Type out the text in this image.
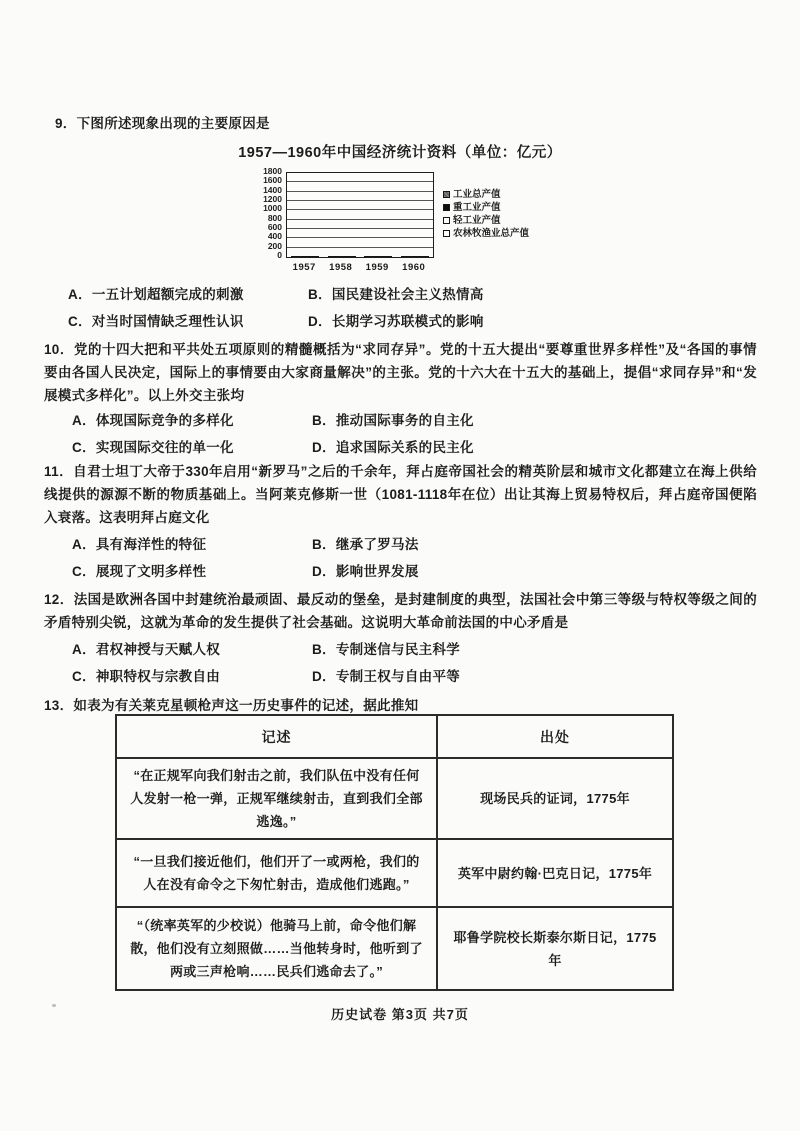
9．下图所述现象出现的主要原因是
1957—1960年中国经济统计资料（单位：亿元）
0
200
400
600
800
1000
1200
1400
1600
1800
1957 1958 1959 1960
工业总产值
重工业产值
轻工业产值
农林牧渔业总产值
A．一五计划超额完成的刺激	B．国民建设社会主义热情高
C．对当时国情缺乏理性认识	D．长期学习苏联模式的影响
10．党的十四大把和平共处五项原则的精髓概括为“求同存异”。党的十五大提出“要尊重世界多样性”及“各国的事情要由各国人民决定，国际上的事情要由大家商量解决”的主张。党的十六大在十五大的基础上，提倡“求同存异”和“发展模式多样化”。以上外交主张均
A．体现国际竞争的多样化	B．推动国际事务的自主化
C．实现国际交往的单一化	D．追求国际关系的民主化
11．自君士坦丁大帝于330年启用“新罗马”之后的千余年，拜占庭帝国社会的精英阶层和城市文化都建立在海上供给线提供的源源不断的物质基础上。当阿莱克修斯一世（1081-1118年在位）出让其海上贸易特权后，拜占庭帝国便陷入衰落。这表明拜占庭文化
A．具有海洋性的特征	B．继承了罗马法
C．展现了文明多样性	D．影响世界发展
12．法国是欧洲各国中封建统治最顽固、最反动的堡垒，是封建制度的典型，法国社会中第三等级与特权等级之间的矛盾特别尖锐，这就为革命的发生提供了社会基础。这说明大革命前法国的中心矛盾是
A．君权神授与天赋人权	B．专制迷信与民主科学
C．神职特权与宗教自由	D．专制王权与自由平等
13．如表为有关莱克星顿枪声这一历史事件的记述，据此推知
记述	出处
“在正规军向我们射击之前，我们队伍中没有任何人发射一枪一弹，正规军继续射击，直到我们全部逃逸。”	现场民兵的证词，1775年
“一旦我们接近他们，他们开了一或两枪，我们的人在没有命令之下匆忙射击，造成他们逃跑。”	英军中尉约翰·巴克日记，1775年
“（统率英军的少校说）他骑马上前，命令他们解散，他们没有立刻照做……当他转身时，他听到了两或三声枪响……民兵们逃命去了。”	耶鲁学院校长斯泰尔斯日记，1775年
历史试卷 第3页 共7页
